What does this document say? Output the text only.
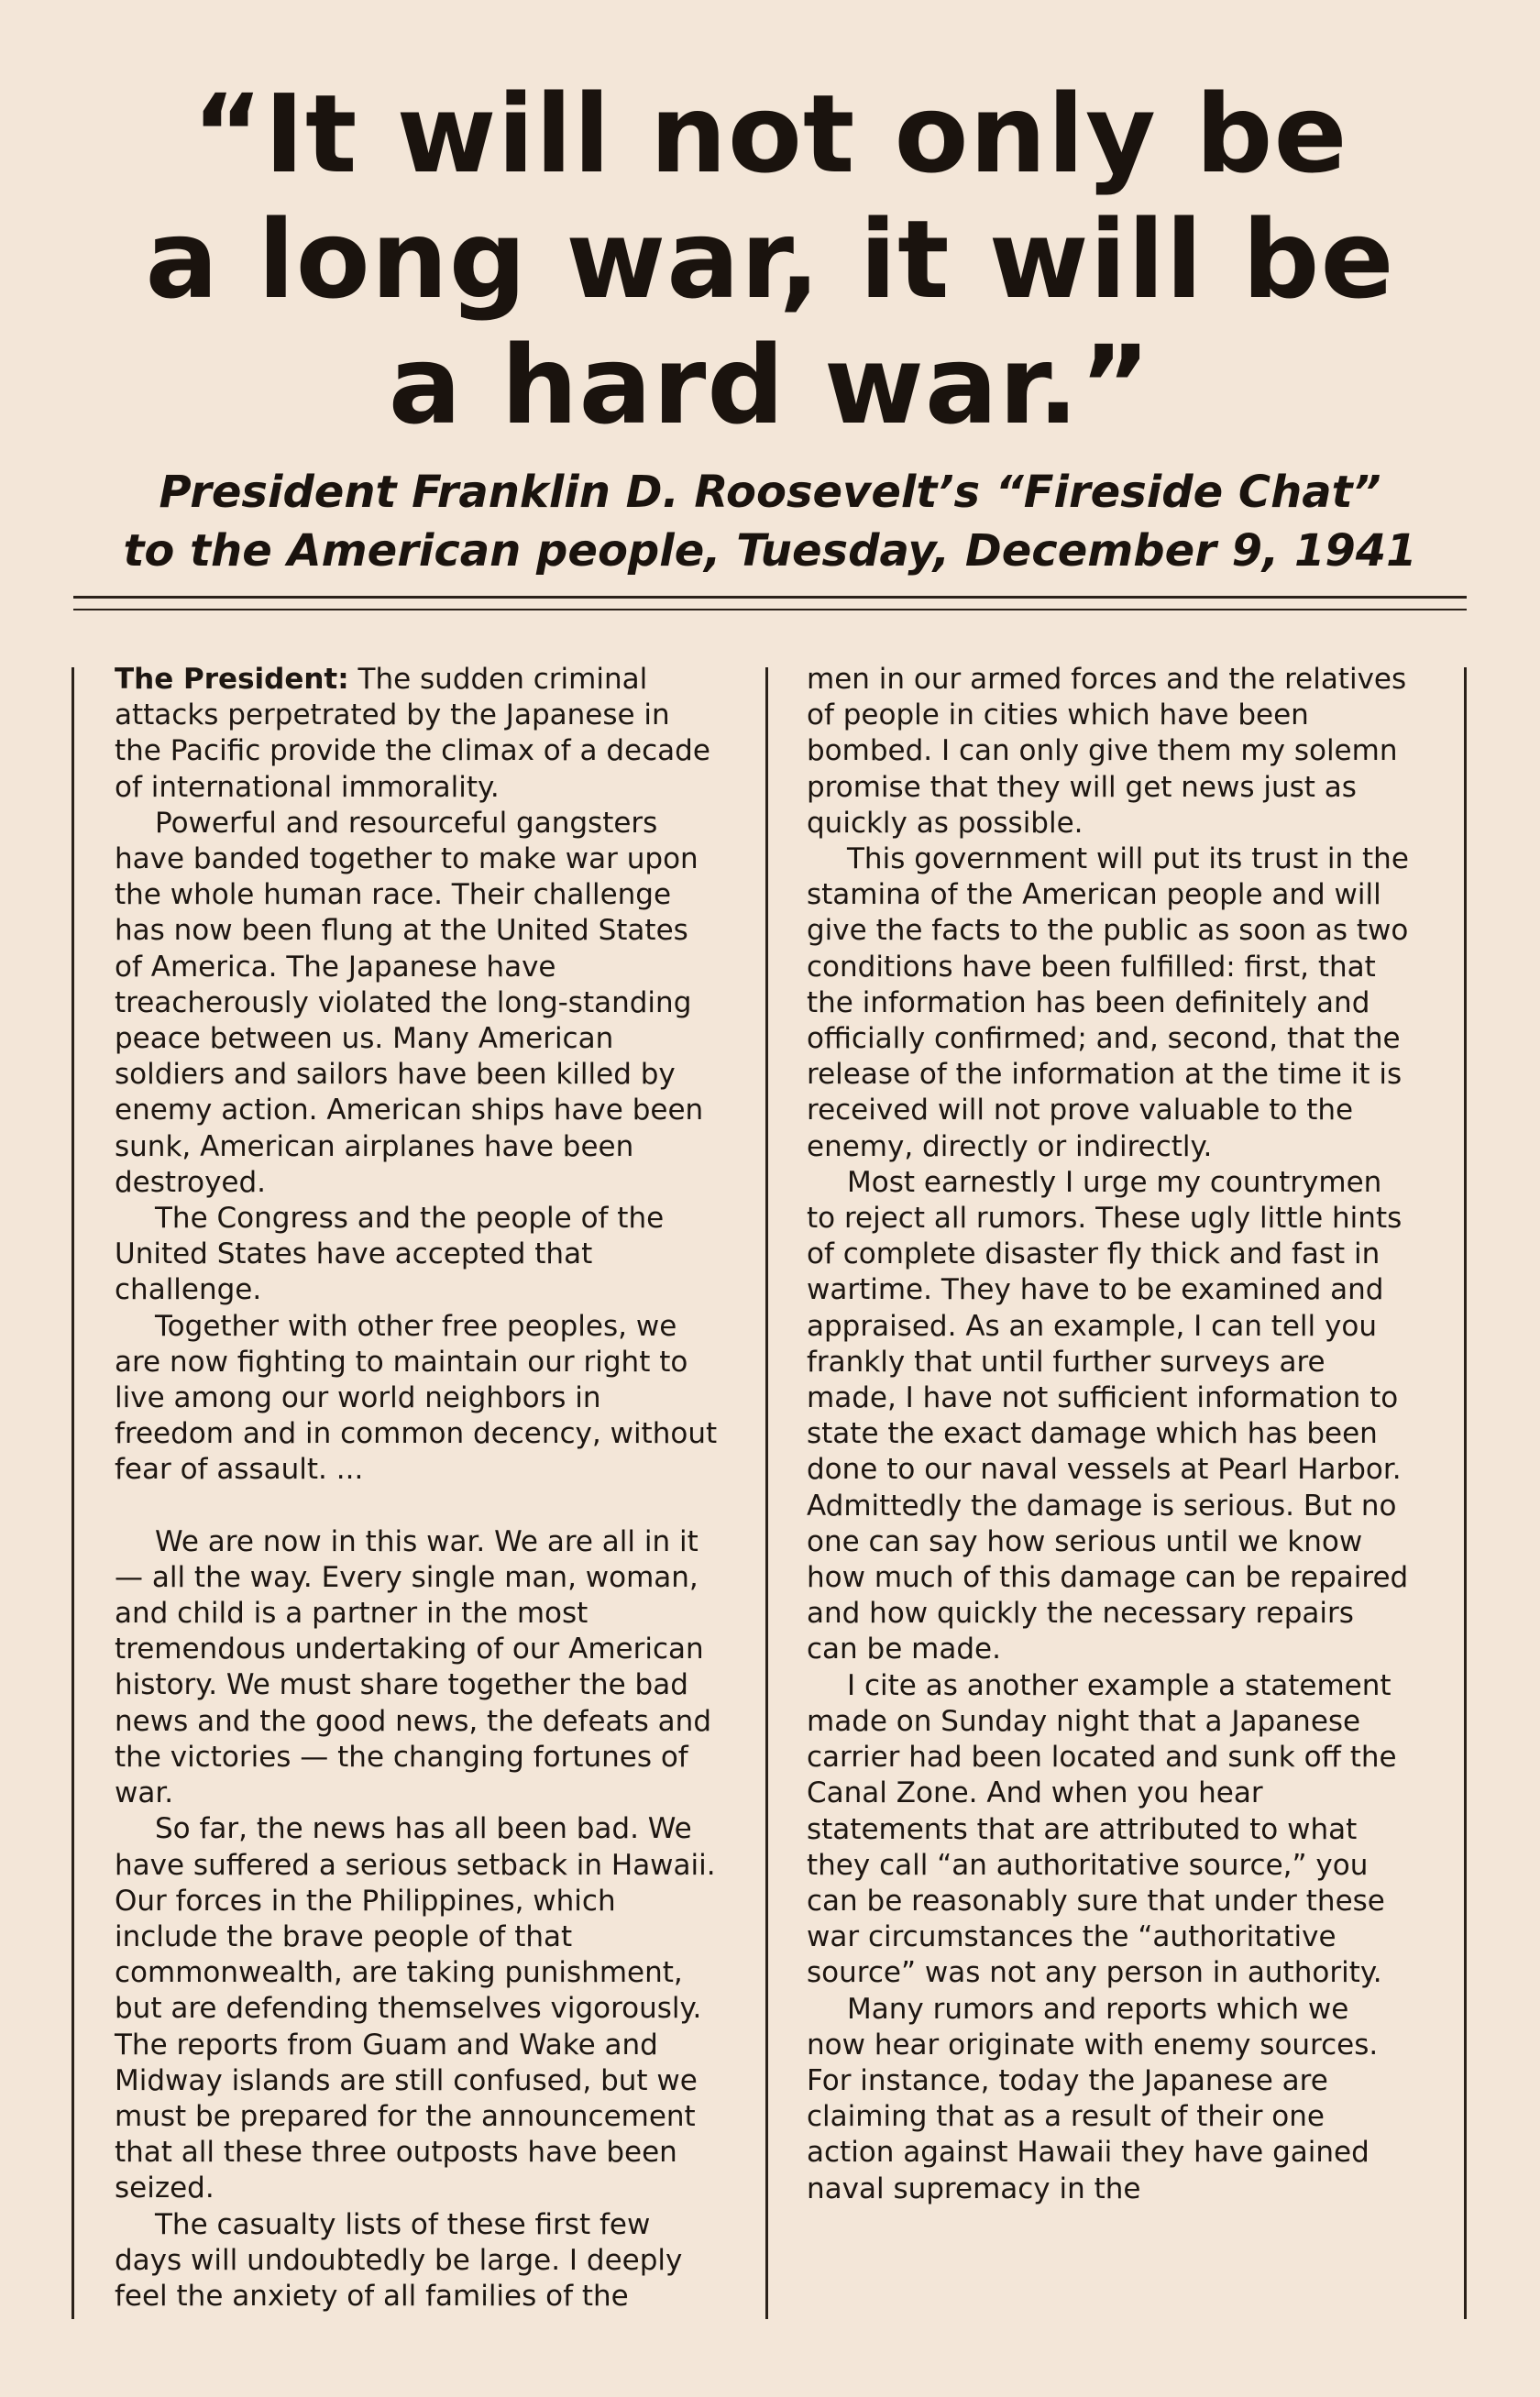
“It will not only be
a long war, it will be
a hard war.”
President Franklin D. Roosevelt’s “Fireside Chat”
to the American people, Tuesday, December 9, 1941

The President: The sudden criminal attacks perpetrated by the Japanese in the Pacific provide the climax of a decade of international immorality.

Powerful and resourceful gangsters have banded together to make war upon the whole human race. Their challenge has now been flung at the United States of America. The Japanese have treacherously violated the long-standing peace between us. Many American soldiers and sailors have been killed by enemy action. American ships have been sunk, American airplanes have been destroyed.

The Congress and the people of the United States have accepted that challenge.

Together with other free peoples, we are now fighting to maintain our right to live among our world neighbors in freedom and in common decency, without fear of assault. ...

We are now in this war. We are all in it — all the way. Every single man, woman, and child is a partner in the most tremendous undertaking of our American history. We must share together the bad news and the good news, the defeats and the victories — the changing fortunes of war.

So far, the news has all been bad. We have suffered a serious setback in Hawaii. Our forces in the Philippines, which include the brave people of that commonwealth, are taking punishment, but are defending themselves vigorously. The reports from Guam and Wake and Midway islands are still confused, but we must be prepared for the announcement that all these three outposts have been seized.

The casualty lists of these first few days will undoubtedly be large. I deeply feel the anxiety of all families of the

men in our armed forces and the relatives of people in cities which have been bombed. I can only give them my solemn promise that they will get news just as quickly as possible.

This government will put its trust in the stamina of the American people and will give the facts to the public as soon as two conditions have been fulfilled: first, that the information has been definitely and officially confirmed; and, second, that the release of the information at the time it is received will not prove valuable to the enemy, directly or indirectly.

Most earnestly I urge my countrymen to reject all rumors. These ugly little hints of complete disaster fly thick and fast in wartime. They have to be examined and appraised. As an example, I can tell you frankly that until further surveys are made, I have not sufficient information to state the exact damage which has been done to our naval vessels at Pearl Harbor. Admittedly the damage is serious. But no one can say how serious until we know how much of this damage can be repaired and how quickly the necessary repairs can be made.

I cite as another example a statement made on Sunday night that a Japanese carrier had been located and sunk off the Canal Zone. And when you hear statements that are attributed to what they call “an authoritative source,” you can be reasonably sure that under these war circumstances the “authoritative source” was not any person in authority.

Many rumors and reports which we now hear originate with enemy sources. For instance, today the Japanese are claiming that as a result of their one action against Hawaii they have gained naval supremacy in the
